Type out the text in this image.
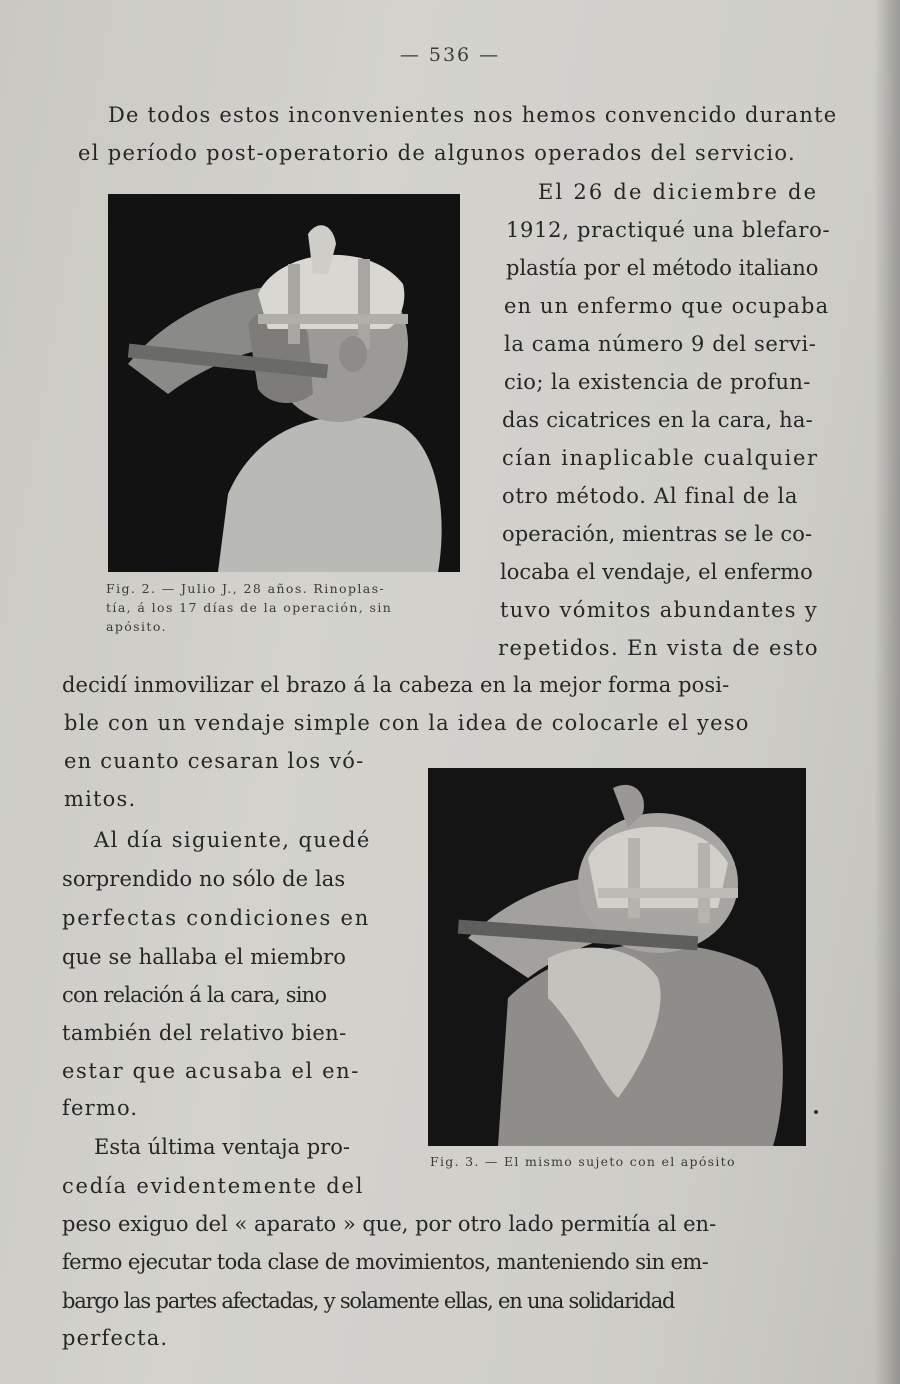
— 536 —
De todos estos inconvenientes nos hemos convencido durante
el período post-operatorio de algunos operados del servicio.
Fig. 2. — Julio J., 28 años. Rinoplas-
tía, á los 17 días de la operación, sin
apósito.
El 26 de diciembre de
1912, practiqué una blefaro-
plastía por el método italiano
en un enfermo que ocupaba
la cama número 9 del servi-
cio; la existencia de profun-
das cicatrices en la cara, ha-
cían inaplicable cualquier
otro método. Al final de la
operación, mientras se le co-
locaba el vendaje, el enfermo
tuvo vómitos abundantes y
repetidos. En vista de esto
decidí inmovilizar el brazo á la cabeza en la mejor forma posi-
ble con un vendaje simple con la idea de colocarle el yeso
Fig. 3. — El mismo sujeto con el apósito
en cuanto cesaran los vó-
mitos.
Al día siguiente, quedé
sorprendido no sólo de las
perfectas condiciones en
que se hallaba el miembro
con relación á la cara, sino
también del relativo bien-
estar que acusaba el en-
fermo.
Esta última ventaja pro-
cedía evidentemente del
peso exiguo del « aparato » que, por otro lado permitía al en-
fermo ejecutar toda clase de movimientos, manteniendo sin em-
bargo las partes afectadas, y solamente ellas, en una solidaridad
perfecta.
